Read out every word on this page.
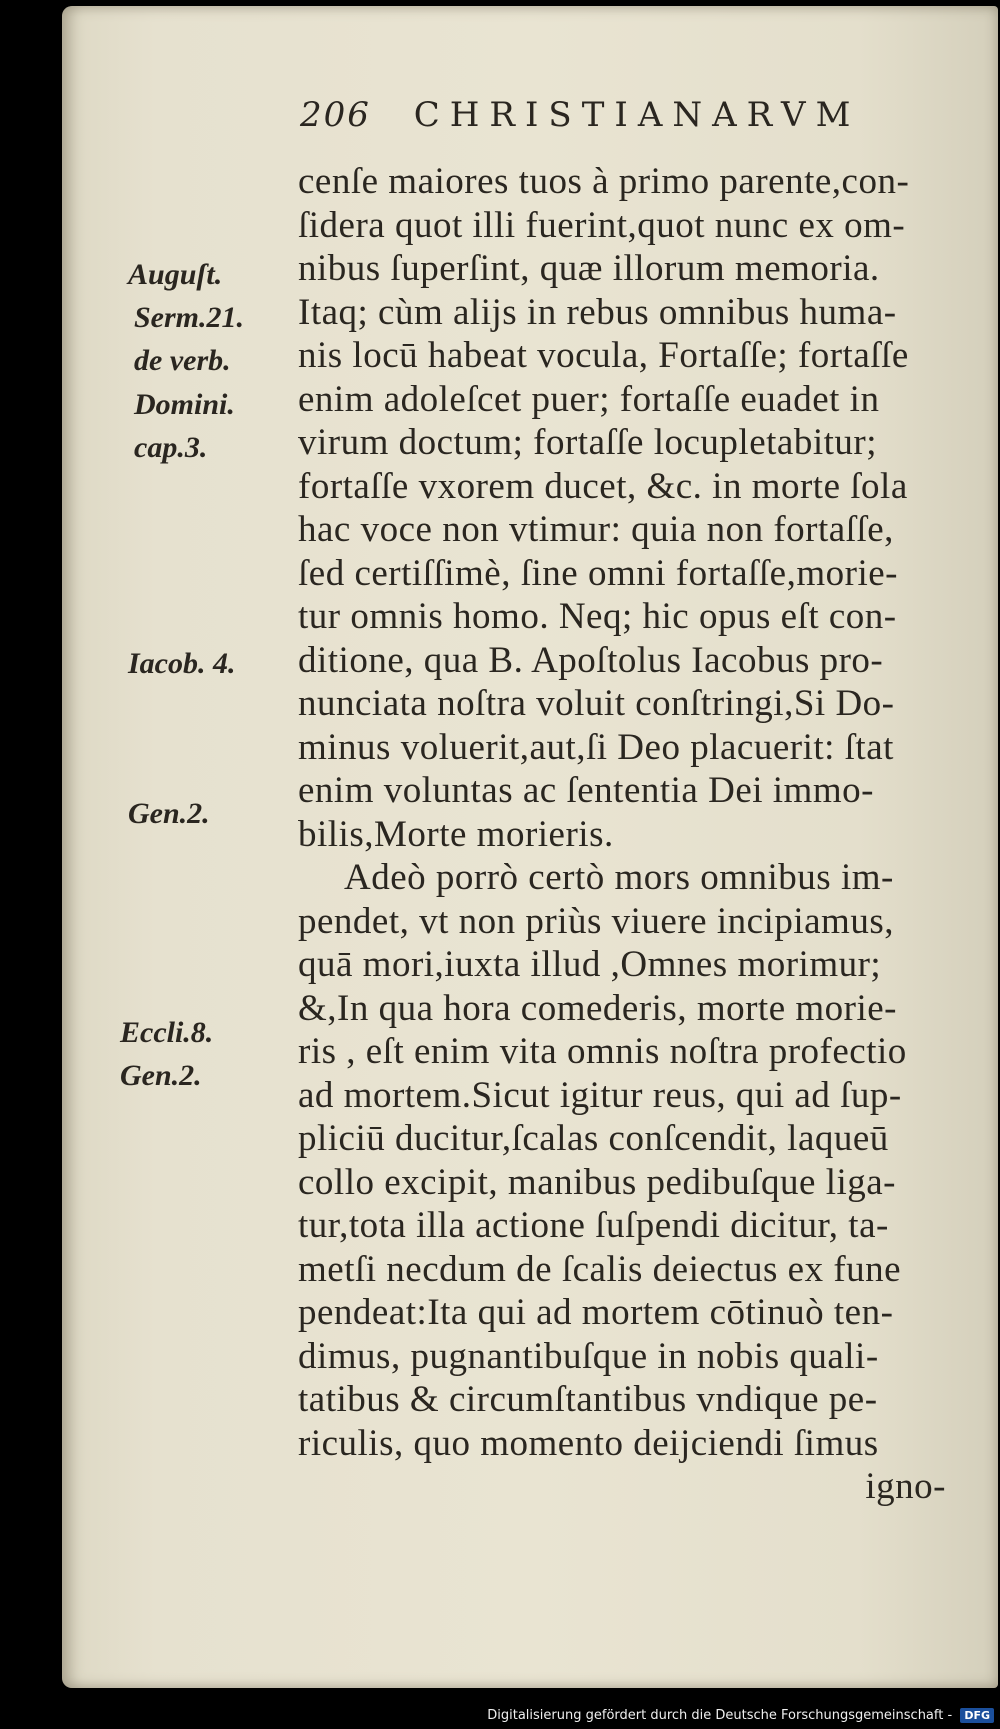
206 CHRISTIANARVM
cenſe maiores tuos à primo parente,con-
ſidera quot illi fuerint,quot nunc ex om-
nibus ſuperſint, quæ illorum memoria.
Itaq; cùm alijs in rebus omnibus huma-
nis locū habeat vocula, Fortaſſe; fortaſſe
enim adoleſcet puer; fortaſſe euadet in
virum doctum; fortaſſe locupletabitur;
fortaſſe vxorem ducet, &c. in morte ſola
hac voce non vtimur: quia non fortaſſe,
ſed certiſſimè, ſine omni fortaſſe,morie-
tur omnis homo. Neq; hic opus eſt con-
ditione, qua B. Apoſtolus Iacobus pro-
nunciata noſtra voluit conſtringi,Si Do-
minus voluerit,aut,ſi Deo placuerit: ſtat
enim voluntas ac ſententia Dei immo-
bilis,Morte morieris.
Adeò porrò certò mors omnibus im-
pendet, vt non priùs viuere incipiamus,
quā mori,iuxta illud ,Omnes morimur;
&,In qua hora comederis, morte morie-
ris , eſt enim vita omnis noſtra profectio
ad mortem.Sicut igitur reus, qui ad ſup-
pliciū ducitur,ſcalas conſcendit, laqueū
collo excipit, manibus pedibuſque liga-
tur,tota illa actione ſuſpendi dicitur, ta-
metſi necdum de ſcalis deiectus ex fune
pendeat:Ita qui ad mortem cōtinuò ten-
dimus, pugnantibuſque in nobis quali-
tatibus & circumſtantibus vndique pe-
riculis, quo momento deijciendi ſimus
igno-
Auguſt.
Serm.21.
de verb.
Domini.
cap.3.
Iacob. 4.
Gen.2.
Eccli.8.
Gen.2.
Digitalisierung gefördert durch die Deutsche Forschungsgemeinschaft - DFG
